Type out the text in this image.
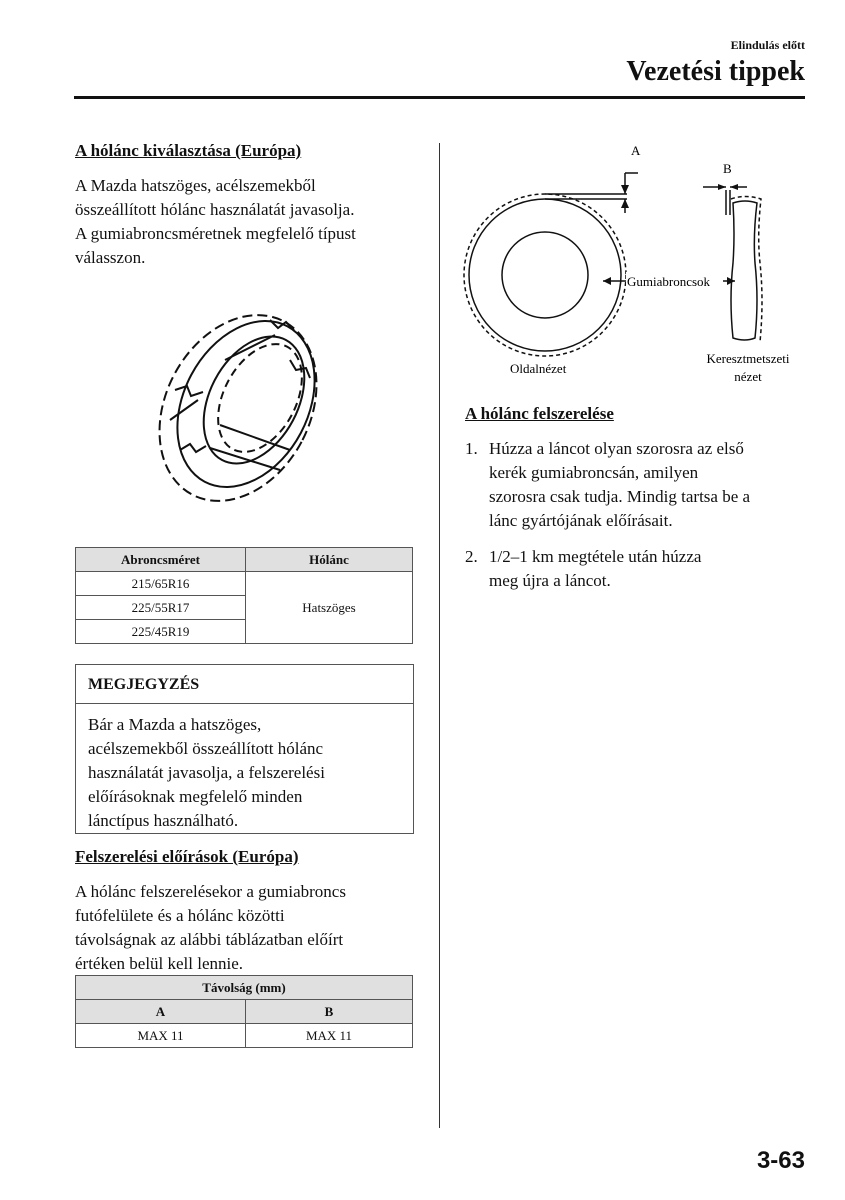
Elindulás előtt
Vezetési tippek
A hólánc kiválasztása (Európa)
A Mazda hatszöges, acélszemekből
összeállított hólánc használatát javasolja.
A gumiabroncsméretnek megfelelő típust
válasszon.
Abroncsméret	Hólánc
215/65R16	Hatszöges
225/55R17	
225/45R19	
MEGJEGYZÉS
Bár a Mazda a hatszöges,
acélszemekből összeállított hólánc
használatát javasolja, a felszerelési
előírásoknak megfelelő minden
lánctípus használható.
Felszerelési előírások (Európa)
A hólánc felszerelésekor a gumiabroncs
futófelülete és a hólánc közötti
távolságnak az alábbi táblázatban előírt
értéken belül kell lennie.
Távolság (mm)	
A	B
MAX 11	MAX 11
A
B
Gumiabroncsok
Oldalnézet
Keresztmetszeti
nézet
A hólánc felszerelése
1. Húzza a láncot olyan szorosra az első
kerék gumiabroncsán, amilyen
szorosra csak tudja. Mindig tartsa be a
lánc gyártójának előírásait.
2. 1/2–1 km megtétele után húzza
meg újra a láncot.
3-63
